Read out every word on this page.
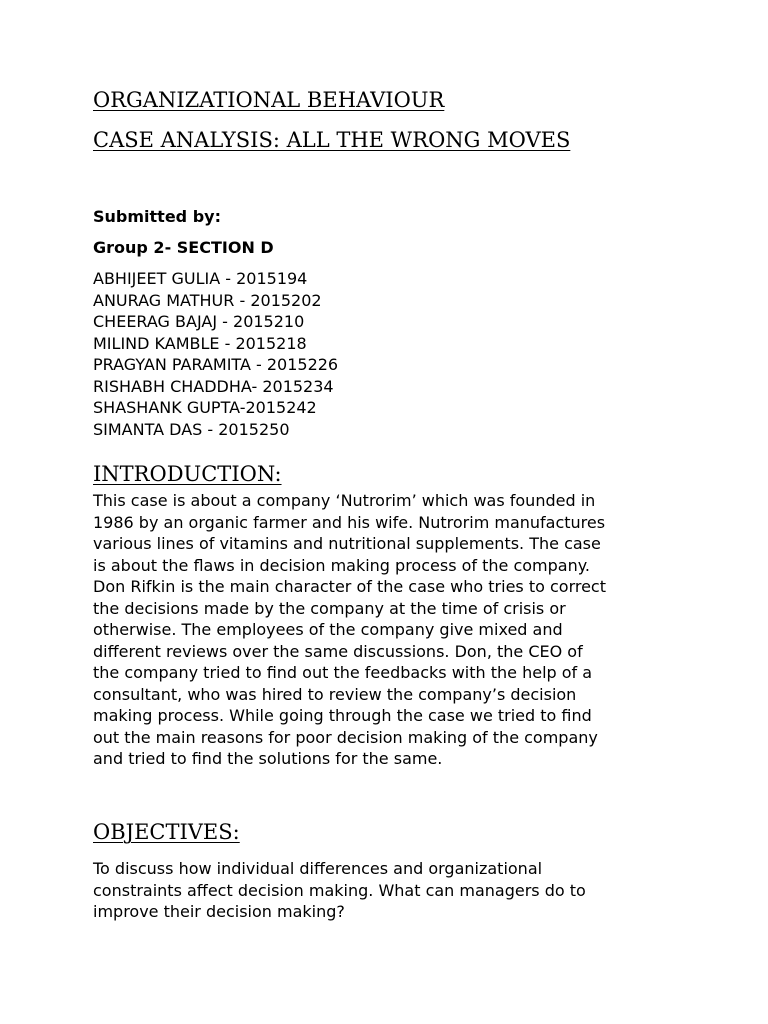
ORGANIZATIONAL BEHAVIOUR
CASE ANALYSIS: ALL THE WRONG MOVES

Submitted by:

Group 2- SECTION D

ABHIJEET GULIA - 2015194
ANURAG MATHUR - 2015202
CHEERAG BAJAJ - 2015210
MILIND KAMBLE - 2015218
PRAGYAN PARAMITA - 2015226
RISHABH CHADDHA- 2015234
SHASHANK GUPTA-2015242
SIMANTA DAS - 2015250
INTRODUCTION:
This case is about a company ‘Nutrorim’ which was founded in
1986 by an organic farmer and his wife. Nutrorim manufactures
various lines of vitamins and nutritional supplements. The case
is about the flaws in decision making process of the company.
Don Rifkin is the main character of the case who tries to correct
the decisions made by the company at the time of crisis or
otherwise. The employees of the company give mixed and
different reviews over the same discussions. Don, the CEO of
the company tried to find out the feedbacks with the help of a
consultant, who was hired to review the company’s decision
making process. While going through the case we tried to find
out the main reasons for poor decision making of the company
and tried to find the solutions for the same.
OBJECTIVES:
To discuss how individual differences and organizational
constraints affect decision making. What can managers do to
improve their decision making?
